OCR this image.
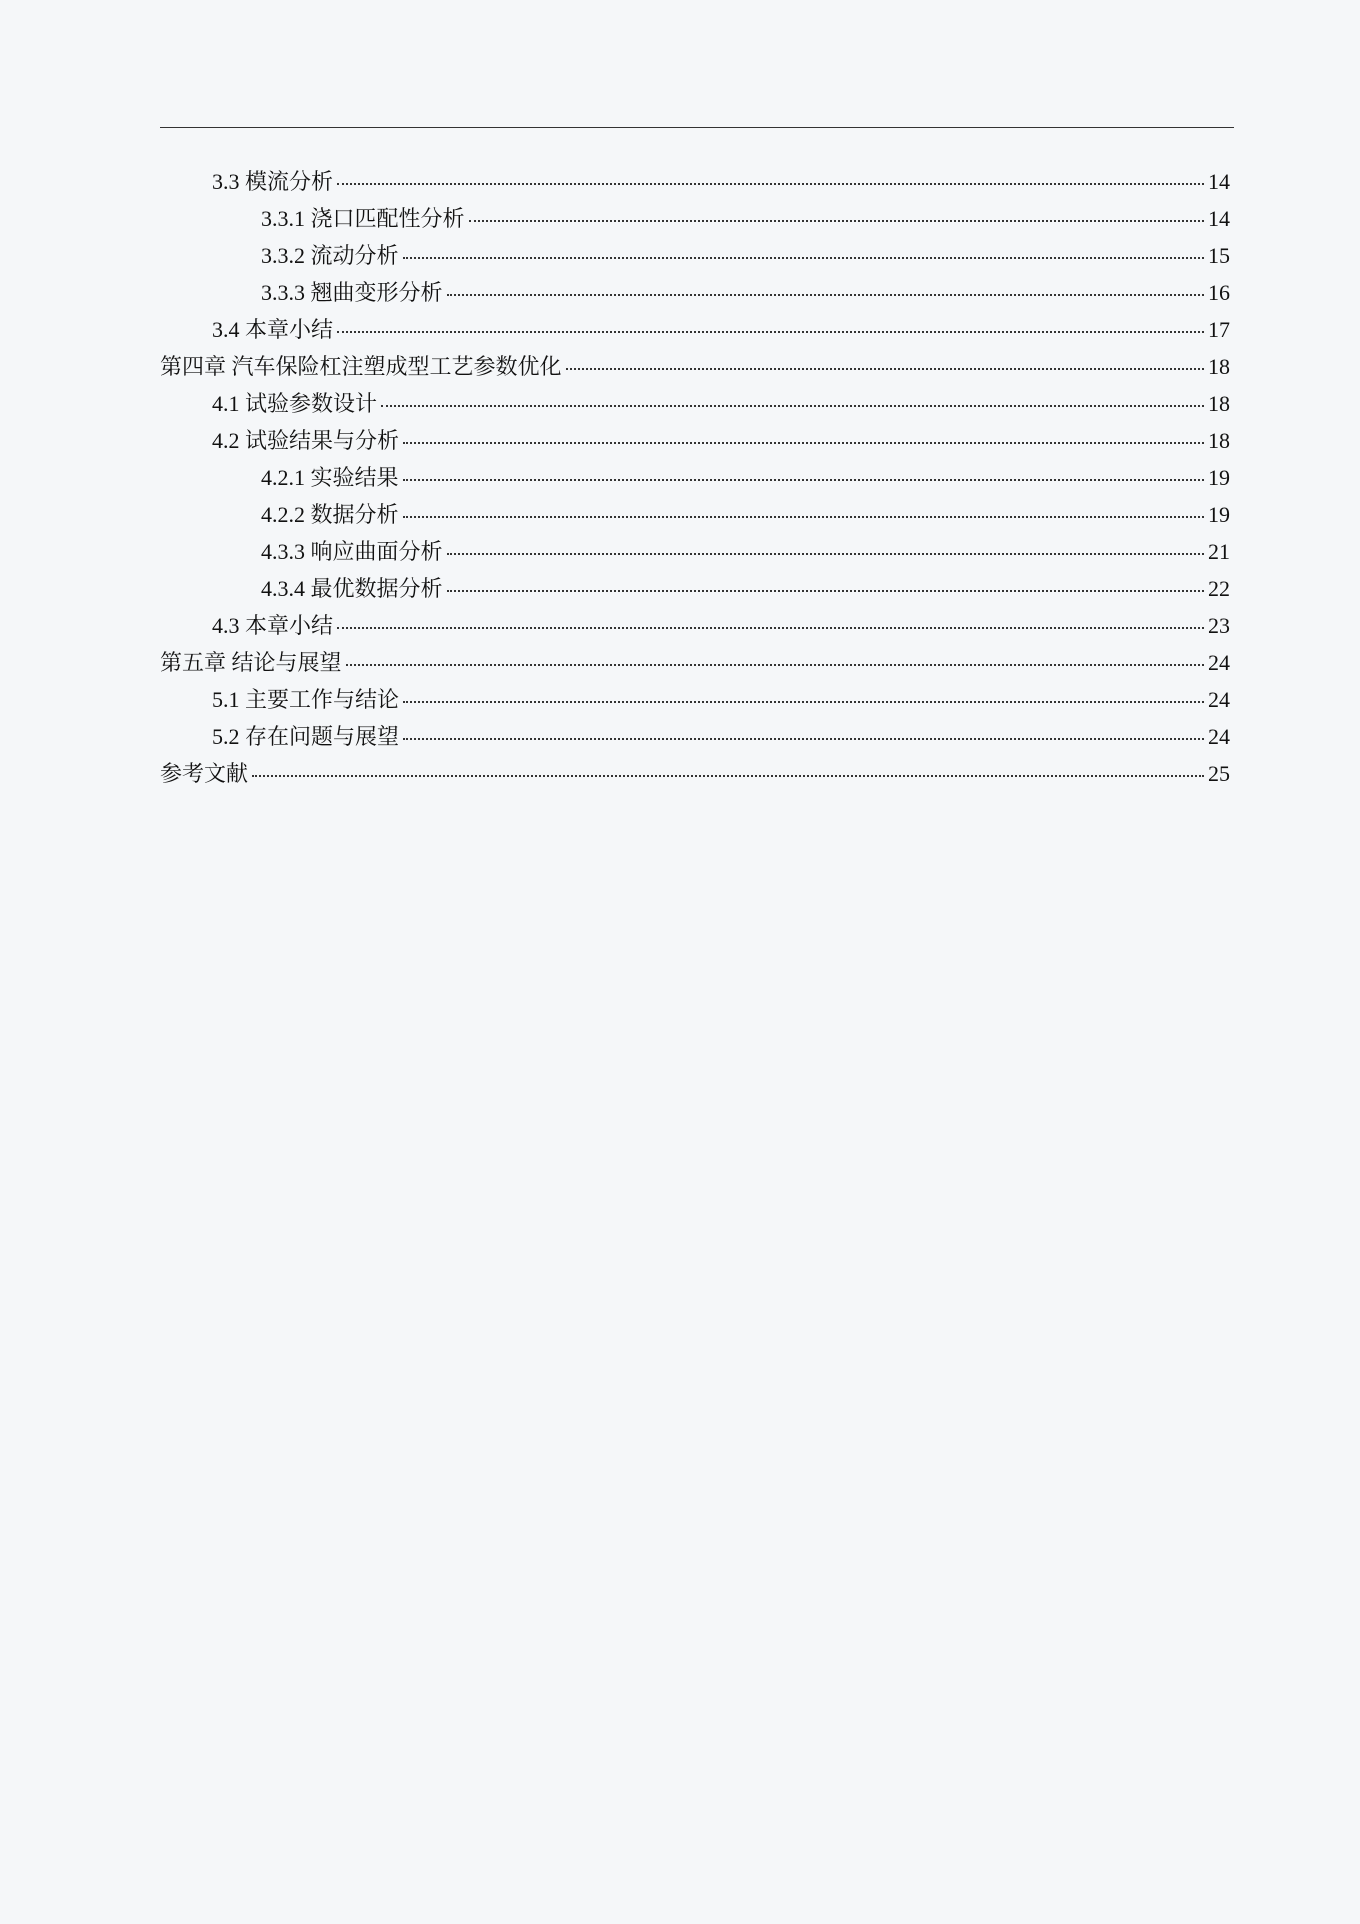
3.3 模流分析	14
3.3.1 浇口匹配性分析	14
3.3.2 流动分析	15
3.3.3 翘曲变形分析	16
3.4 本章小结	17
第四章 汽车保险杠注塑成型工艺参数优化	18
4.1 试验参数设计	18
4.2 试验结果与分析	18
4.2.1 实验结果	19
4.2.2 数据分析	19
4.3.3 响应曲面分析	21
4.3.4 最优数据分析	22
4.3 本章小结	23
第五章 结论与展望	24
5.1 主要工作与结论	24
5.2 存在问题与展望	24
参考文献	25
